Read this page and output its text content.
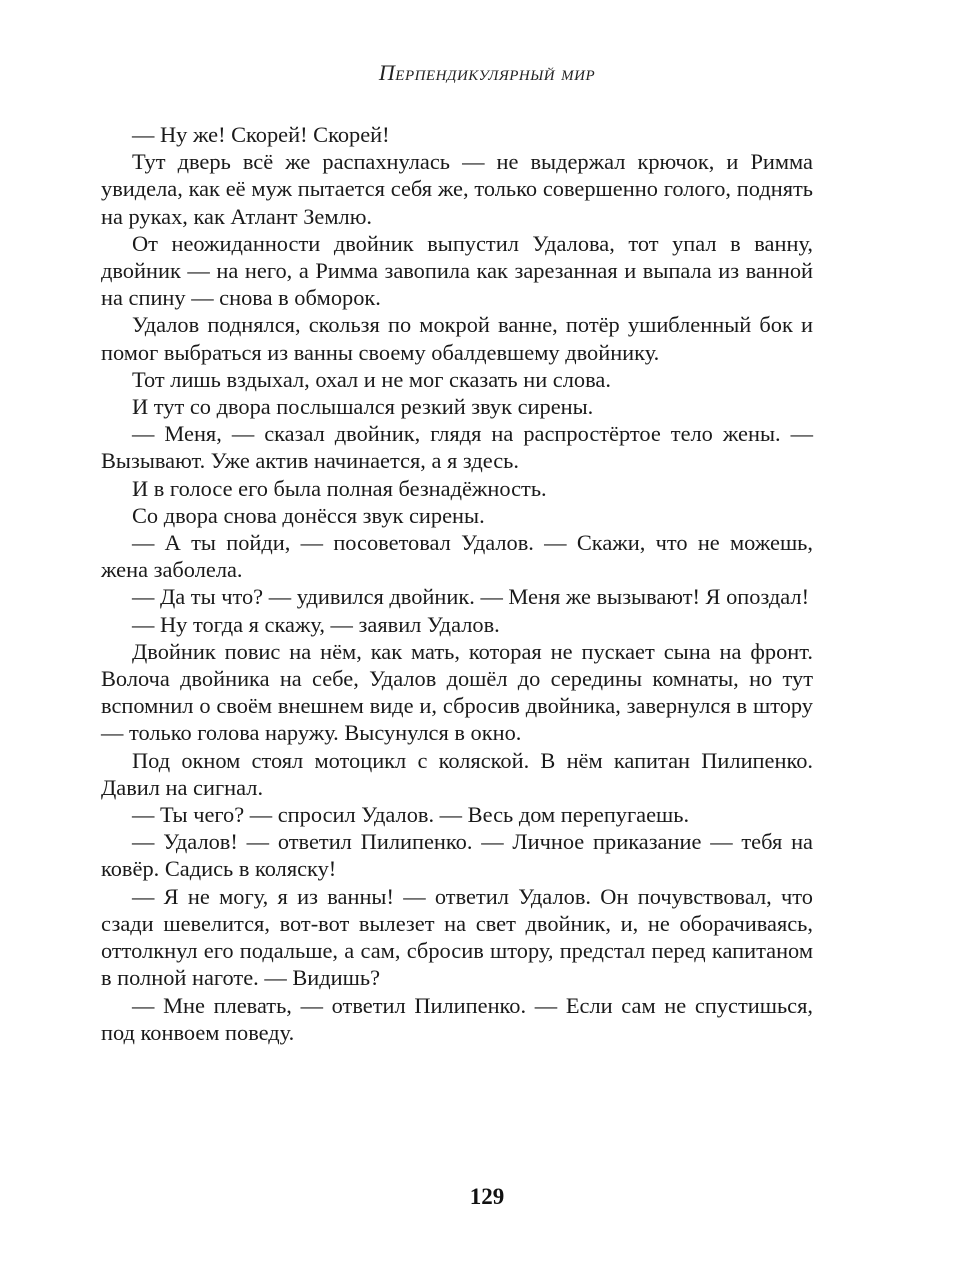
Перпендикулярный мир

— Ну же! Скорей! Скорей!

Тут дверь всё же распахнулась — не выдержал крючок, и Римма увидела, как её муж пытается себя же, только совершенно голого, поднять на руках, как Атлант Землю.

От неожиданности двойник выпустил Удалова, тот упал в ванну, двойник — на него, а Римма завопила как зарезанная и выпала из ванной на спину — снова в обморок.

Удалов поднялся, скользя по мокрой ванне, потёр ушибленный бок и помог выбраться из ванны своему обалдевшему двойнику.

Тот лишь вздыхал, охал и не мог сказать ни слова.

И тут со двора послышался резкий звук сирены.

— Меня, — сказал двойник, глядя на распростёртое тело жены. — Вызывают. Уже актив начинается, а я здесь.

И в голосе его была полная безнадёжность.

Со двора снова донёсся звук сирены.

— А ты пойди, — посоветовал Удалов. — Скажи, что не можешь, жена заболела.

— Да ты что? — удивился двойник. — Меня же вызывают! Я опоздал!

— Ну тогда я скажу, — заявил Удалов.

Двойник повис на нём, как мать, которая не пускает сына на фронт. Волоча двойника на себе, Удалов дошёл до середины комнаты, но тут вспомнил о своём внешнем виде и, сбросив двойника, завернулся в штору — только голова наружу. Высунулся в окно.

Под окном стоял мотоцикл с коляской. В нём капитан Пилипенко. Давил на сигнал.

— Ты чего? — спросил Удалов. — Весь дом перепугаешь.

— Удалов! — ответил Пилипенко. — Личное приказание — тебя на ковёр. Садись в коляску!

— Я не могу, я из ванны! — ответил Удалов. Он почувствовал, что сзади шевелится, вот-вот вылезет на свет двойник, и, не оборачиваясь, оттолкнул его подальше, а сам, сбросив штору, предстал перед капитаном в полной наготе. — Видишь?

— Мне плевать, — ответил Пилипенко. — Если сам не спустишься, под конвоем поведу.

129
